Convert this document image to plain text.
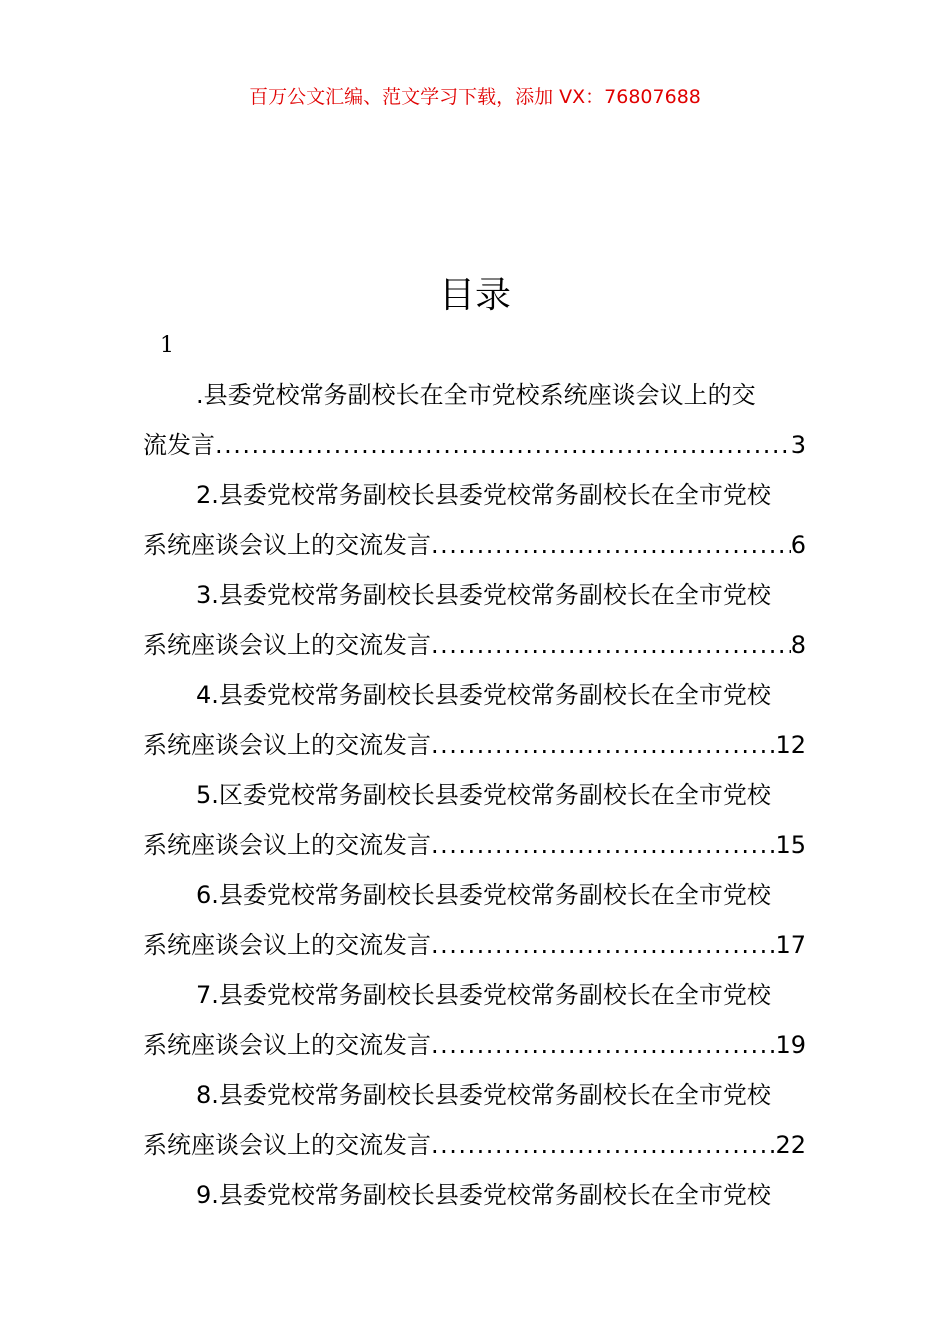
百万公文汇编、范文学习下载，添加 VX：76807688
目录
1
.县委党校常务副校长在全市党校系统座谈会议上的交
流发言 .....	3
2.县委党校常务副校长县委党校常务副校长在全市党校
系统座谈会议上的交流发言 .....	6
3.县委党校常务副校长县委党校常务副校长在全市党校
系统座谈会议上的交流发言 .....	8
4.县委党校常务副校长县委党校常务副校长在全市党校
系统座谈会议上的交流发言 .....	12
5.区委党校常务副校长县委党校常务副校长在全市党校
系统座谈会议上的交流发言 .....	15
6.县委党校常务副校长县委党校常务副校长在全市党校
系统座谈会议上的交流发言 .....	17
7.县委党校常务副校长县委党校常务副校长在全市党校
系统座谈会议上的交流发言 .....	19
8.县委党校常务副校长县委党校常务副校长在全市党校
系统座谈会议上的交流发言 .....	22
9.县委党校常务副校长县委党校常务副校长在全市党校
